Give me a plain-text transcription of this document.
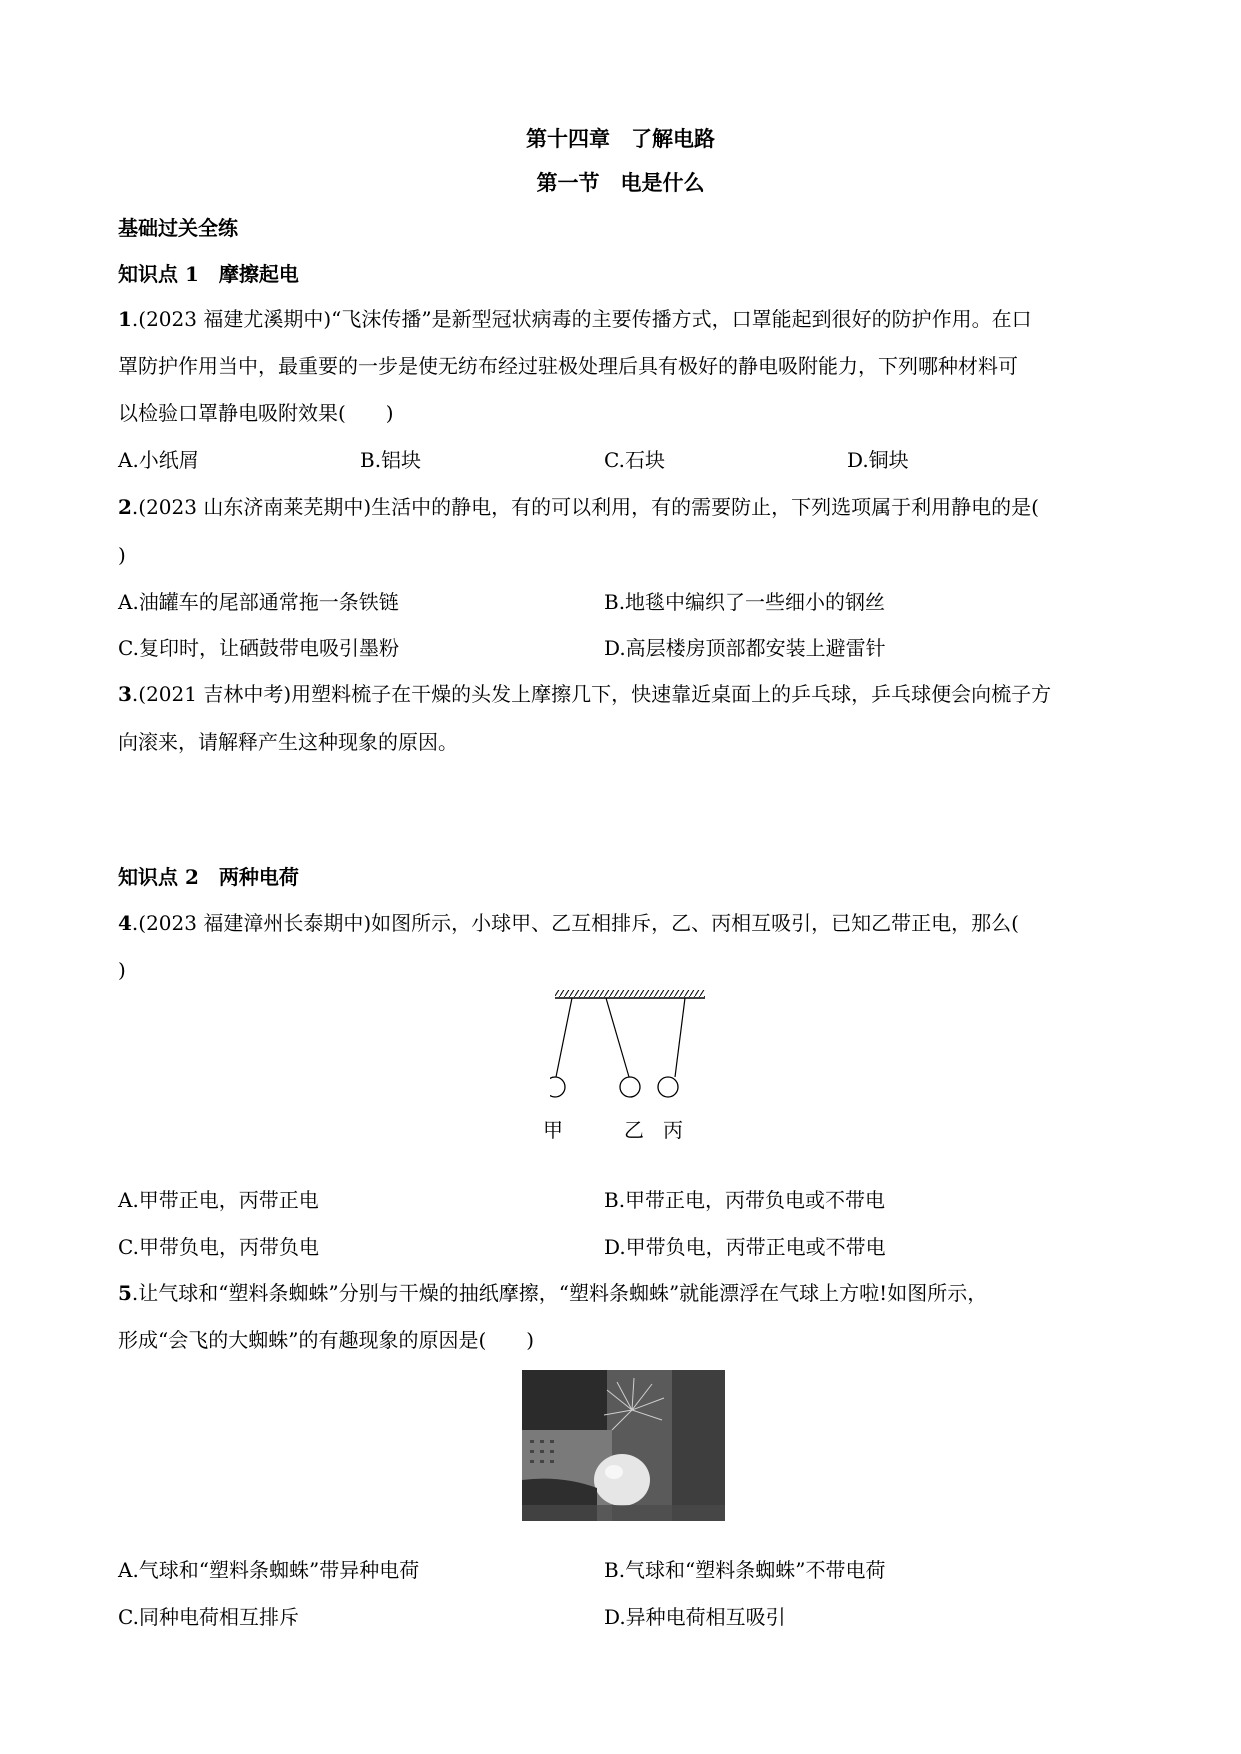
第十四章　了解电路
第一节　电是什么
基础过关全练
知识点 1　摩擦起电
1.(2023 福建尤溪期中)“飞沫传播”是新型冠状病毒的主要传播方式，口罩能起到很好的防护作用。在口
罩防护作用当中，最重要的一步是使无纺布经过驻极处理后具有极好的静电吸附能力，下列哪种材料可
以检验口罩静电吸附效果(　　)
A.小纸屑	B.铝块	C.石块	D.铜块
2.(2023 山东济南莱芜期中)生活中的静电，有的可以利用，有的需要防止，下列选项属于利用静电的是(
)
A.油罐车的尾部通常拖一条铁链	B.地毯中编织了一些细小的钢丝
C.复印时，让硒鼓带电吸引墨粉	D.高层楼房顶部都安装上避雷针
3.(2021 吉林中考)用塑料梳子在干燥的头发上摩擦几下，快速靠近桌面上的乒乓球，乒乓球便会向梳子方
向滚来，请解释产生这种现象的原因。
知识点 2　两种电荷
4.(2023 福建漳州长泰期中)如图所示，小球甲、乙互相排斥，乙、丙相互吸引，已知乙带正电，那么(
)
甲	乙 丙
A.甲带正电，丙带正电	B.甲带正电，丙带负电或不带电
C.甲带负电，丙带负电	D.甲带负电，丙带正电或不带电
5.让气球和“塑料条蜘蛛”分别与干燥的抽纸摩擦，“塑料条蜘蛛”就能漂浮在气球上方啦!如图所示，
形成“会飞的大蜘蛛”的有趣现象的原因是(　　)
A.气球和“塑料条蜘蛛”带异种电荷	B.气球和“塑料条蜘蛛”不带电荷
C.同种电荷相互排斥	D.异种电荷相互吸引
